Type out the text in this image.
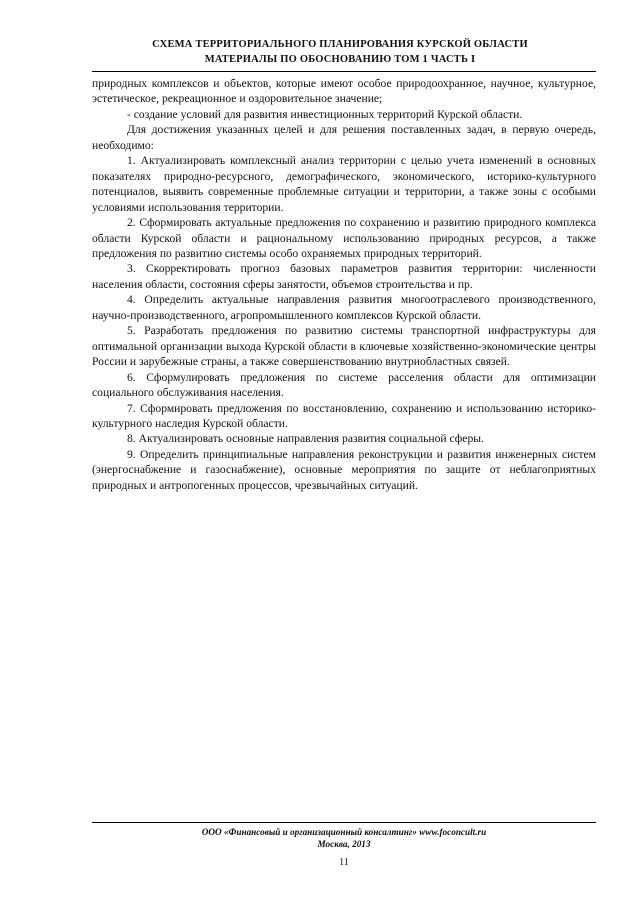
СХЕМА ТЕРРИТОРИАЛЬНОГО ПЛАНИРОВАНИЯ КУРСКОЙ ОБЛАСТИ
МАТЕРИАЛЫ ПО ОБОСНОВАНИЮ ТОМ 1 ЧАСТЬ I

природных комплексов и объектов, которые имеют особое природоохранное, научное, культурное, эстетическое, рекреационное и оздоровительное значение;

- создание условий для развития инвестиционных территорий Курской области.

Для достижения указанных целей и для решения поставленных задач, в первую очередь, необходимо:

1. Актуализировать комплексный анализ территории с целью учета изменений в основных показателях природно-ресурсного, демографического, экономического, историко-культурного потенциалов, выявить современные проблемные ситуации и территории, а также зоны с особыми условиями использования территории.

2. Сформировать актуальные предложения по сохранению и развитию природного комплекса области Курской области и рациональному использованию природных ресурсов, а также предложения по развитию системы особо охраняемых природных территорий.

3. Скорректировать прогноз базовых параметров развития территории: численности населения области, состояния сферы занятости, объемов строительства и пр.

4. Определить актуальные направления развития многоотраслевого производственного, научно-производственного, агропромышленного комплексов Курской области.

5. Разработать предложения по развитию системы транспортной инфраструктуры для оптимальной организации выхода Курской области в ключевые хозяйственно-экономические центры России и зарубежные страны, а также совершенствованию внутриобластных связей.

6. Сформулировать предложения по системе расселения области для оптимизации социального обслуживания населения.

7. Сформировать предложения по восстановлению, сохранению и использованию историко-культурного наследия Курской области.

8. Актуализировать основные направления развития социальной сферы.

9. Определить принципиальные направления реконструкции и развития инженерных систем (энергоснабжение и газоснабжение), основные мероприятия по защите от неблагоприятных природных и антропогенных процессов, чрезвычайных ситуаций.

ООО «Финансовый и организационный консалтинг» www.foconcult.ru
Москва, 2013
11
